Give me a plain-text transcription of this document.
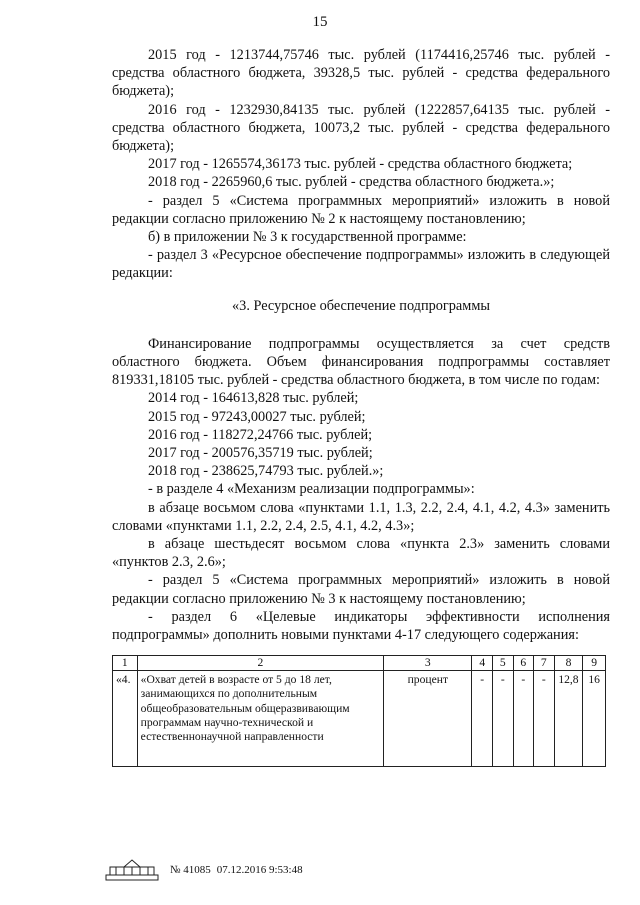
15

2015 год - 1213744,75746 тыс. рублей (1174416,25746 тыс. рублей - средства областного бюджета, 39328,5 тыс. рублей - средства федерального бюджета);

2016 год - 1232930,84135 тыс. рублей (1222857,64135 тыс. рублей - средства областного бюджета, 10073,2 тыс. рублей - средства федерального бюджета);

2017 год - 1265574,36173 тыс. рублей - средства областного бюджета;

2018 год - 2265960,6 тыс. рублей - средства областного бюджета.»;

- раздел 5 «Система программных мероприятий» изложить в новой редакции согласно приложению № 2 к настоящему постановлению;

б) в приложении № 3 к государственной программе:

- раздел 3 «Ресурсное обеспечение подпрограммы» изложить в следующей редакции:

«3. Ресурсное обеспечение подпрограммы

Финансирование подпрограммы осуществляется за счет средств областного бюджета. Объем финансирования подпрограммы составляет 819331,18105 тыс. рублей - средства областного бюджета, в том числе по годам:

2014 год - 164613,828 тыс. рублей;

2015 год - 97243,00027 тыс. рублей;

2016 год - 118272,24766 тыс. рублей;

2017 год - 200576,35719 тыс. рублей;

2018 год - 238625,74793 тыс. рублей.»;

- в разделе 4 «Механизм реализации подпрограммы»:

в абзаце восьмом слова «пунктами 1.1, 1.3, 2.2, 2.4, 4.1, 4.2, 4.3» заменить словами «пунктами 1.1, 2.2, 2.4, 2.5, 4.1, 4.2, 4.3»;

в абзаце шестьдесят восьмом слова «пункта 2.3» заменить словами «пунктов 2.3, 2.6»;

- раздел 5 «Система программных мероприятий» изложить в новой редакции согласно приложению № 3 к настоящему постановлению;

- раздел 6 «Целевые индикаторы эффективности исполнения подпрограммы» дополнить новыми пунктами 4-17 следующего содержания:

1	2	3	4	5	6	7	8	9
«4.	«Охват детей в возрасте от 5 до 18 лет, занимающихся по дополнительным общеобразовательным общеразвивающим программам научно-технической и естественнонаучной направленности	процент	-	-	-	-	12,8	16
№ 41085 07.12.2016 9:53:48
